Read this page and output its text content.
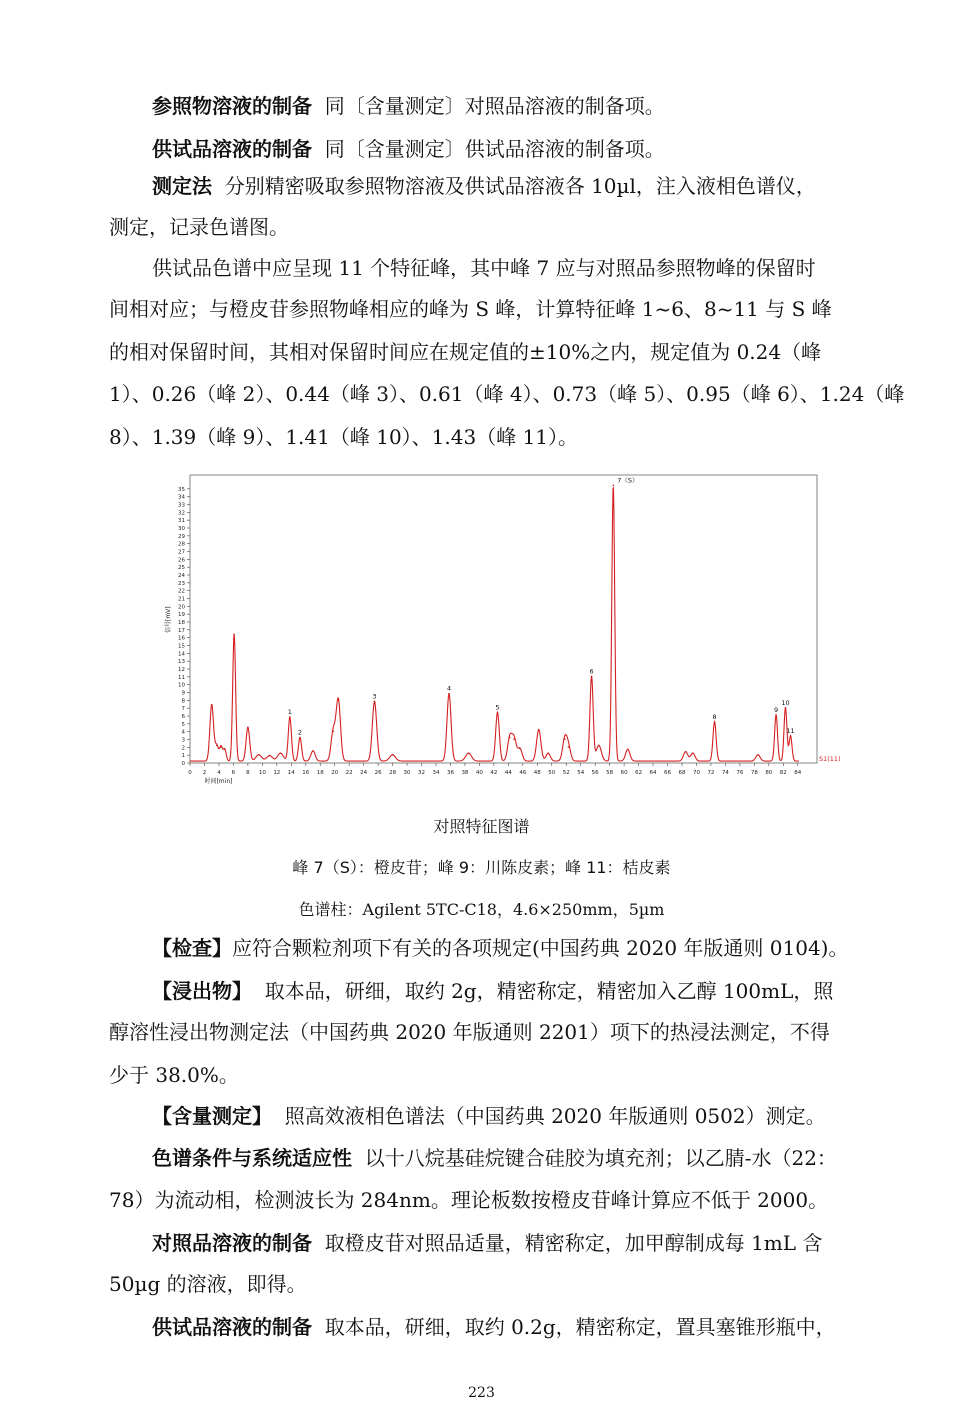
参照物溶液的制备 同〔含量测定〕对照品溶液的制备项。
供试品溶液的制备 同〔含量测定〕供试品溶液的制备项。
测定法 分别精密吸取参照物溶液及供试品溶液各 10µl，注入液相色谱仪，
测定，记录色谱图。
供试品色谱中应呈现 11 个特征峰，其中峰 7 应与对照品参照物峰的保留时
间相对应；与橙皮苷参照物峰相应的峰为 S 峰，计算特征峰 1~6、8~11 与 S 峰
的相对保留时间，其相对保留时间应在规定值的±10%之内，规定值为 0.24（峰
1）、0.26（峰 2）、0.44（峰 3）、0.61（峰 4）、0.73（峰 5）、0.95（峰 6）、1.24（峰
8）、1.39（峰 9）、1.41（峰 10）、1.43（峰 11）。
0 2 4 6 8 10 12 14 16 18 20 22 24 26 28 30 32 34 36 38 40 42 44 46 48 50 52 54 56 58 60 62 64 66 68 70 72 74 76 78 80 82 84
0
1
2
3
4
5
6
7
8
9
10
11
12
13
14
15
16
17
18
19
20
21
22
23
24
25
26
27
28
29
30
31
32
33
34
35
时间[min]
信号[mV]
1
2
3
4
5
6
7（S）
8
9
10
11
S1(11)
对照特征图谱
峰 7（S）：橙皮苷；峰 9：川陈皮素；峰 11：桔皮素
色谱柱：Agilent 5TC-C18，4.6×250mm，5µm
【检查】应符合颗粒剂项下有关的各项规定(中国药典 2020 年版通则 0104)。
【浸出物】 取本品，研细，取约 2g，精密称定，精密加入乙醇 100mL，照
醇溶性浸出物测定法（中国药典 2020 年版通则 2201）项下的热浸法测定，不得
少于 38.0%。
【含量测定】 照高效液相色谱法（中国药典 2020 年版通则 0502）测定。
色谱条件与系统适应性 以十八烷基硅烷键合硅胶为填充剂；以乙腈-水（22：
78）为流动相，检测波长为 284nm。理论板数按橙皮苷峰计算应不低于 2000。
对照品溶液的制备 取橙皮苷对照品适量，精密称定，加甲醇制成每 1mL 含
50µg 的溶液，即得。
供试品溶液的制备 取本品，研细，取约 0.2g，精密称定，置具塞锥形瓶中，
223
